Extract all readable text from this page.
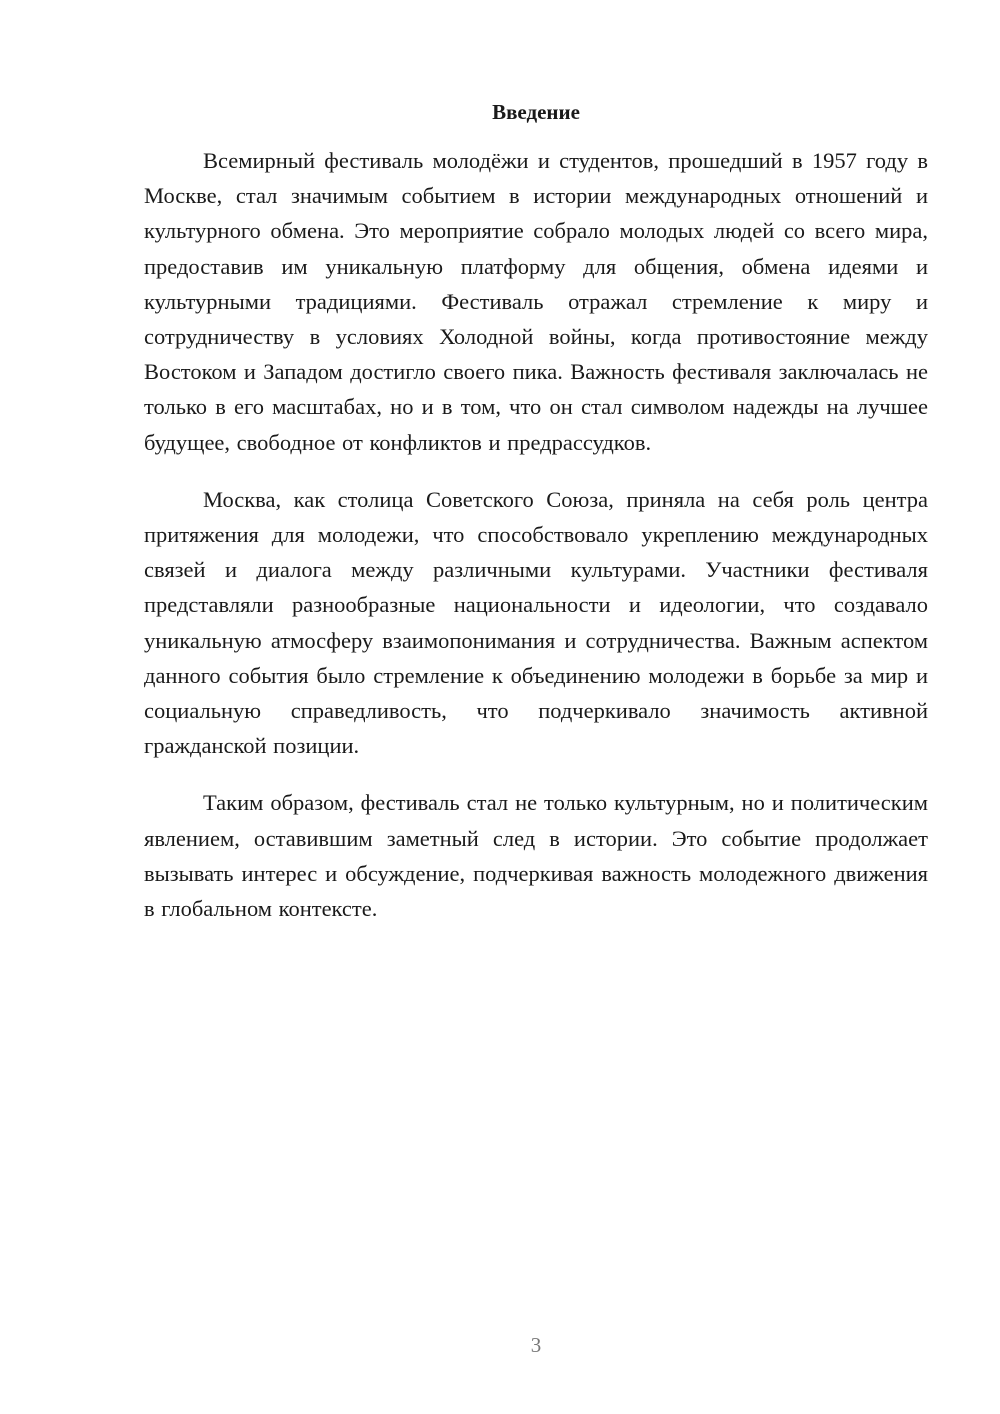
Введение

Всемирный фестиваль молодёжи и студентов, прошедший в 1957 году в Москве, стал значимым событием в истории международных отношений и культурного обмена. Это мероприятие собрало молодых людей со всего мира, предоставив им уникальную платформу для общения, обмена идеями и культурными традициями. Фестиваль отражал стремление к миру и сотрудничеству в условиях Холодной войны, когда противостояние между Востоком и Западом достигло своего пика. Важность фестиваля заключалась не только в его масштабах, но и в том, что он стал символом надежды на лучшее будущее, свободное от конфликтов и предрассудков.

Москва, как столица Советского Союза, приняла на себя роль центра притяжения для молодежи, что способствовало укреплению международных связей и диалога между различными культурами. Участники фестиваля представляли разнообразные национальности и идеологии, что создавало уникальную атмосферу взаимопонимания и сотрудничества. Важным аспектом данного события было стремление к объединению молодежи в борьбе за мир и социальную справедливость, что подчеркивало значимость активной гражданской позиции.

Таким образом, фестиваль стал не только культурным, но и политическим явлением, оставившим заметный след в истории. Это событие продолжает вызывать интерес и обсуждение, подчеркивая важность молодежного движения в глобальном контексте.

3
